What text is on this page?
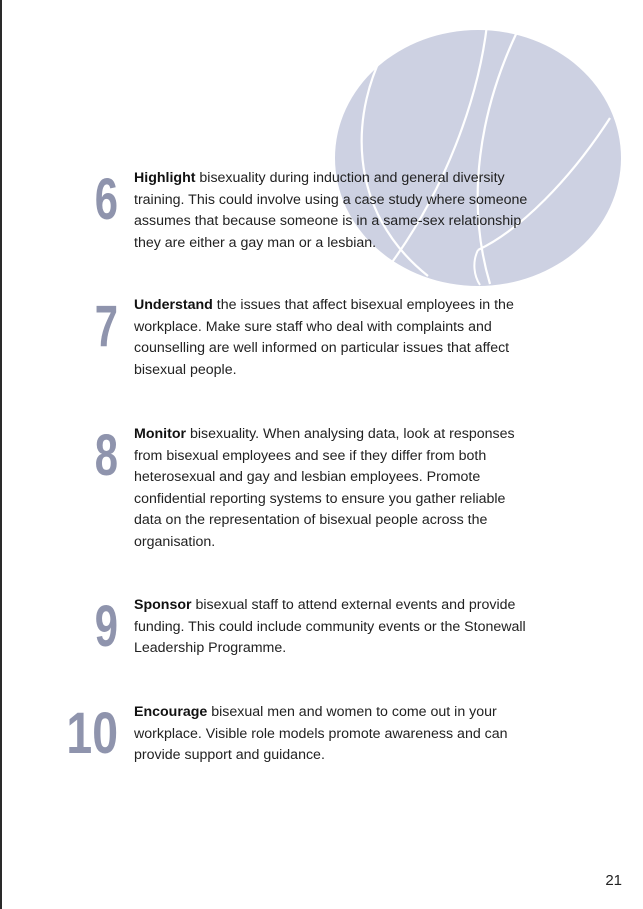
6 Highlight bisexuality during induction and general diversity training. This could involve using a case study where someone assumes that because someone is in a same-sex relationship they are either a gay man or a lesbian.
7 Understand the issues that affect bisexual employees in the workplace. Make sure staff who deal with complaints and counselling are well informed on particular issues that affect bisexual people.
8 Monitor bisexuality. When analysing data, look at responses from bisexual employees and see if they differ from both heterosexual and gay and lesbian employees. Promote confidential reporting systems to ensure you gather reliable data on the representation of bisexual people across the organisation.
9 Sponsor bisexual staff to attend external events and provide funding. This could include community events or the Stonewall Leadership Programme.
10 Encourage bisexual men and women to come out in your workplace. Visible role models promote awareness and can provide support and guidance.
21
